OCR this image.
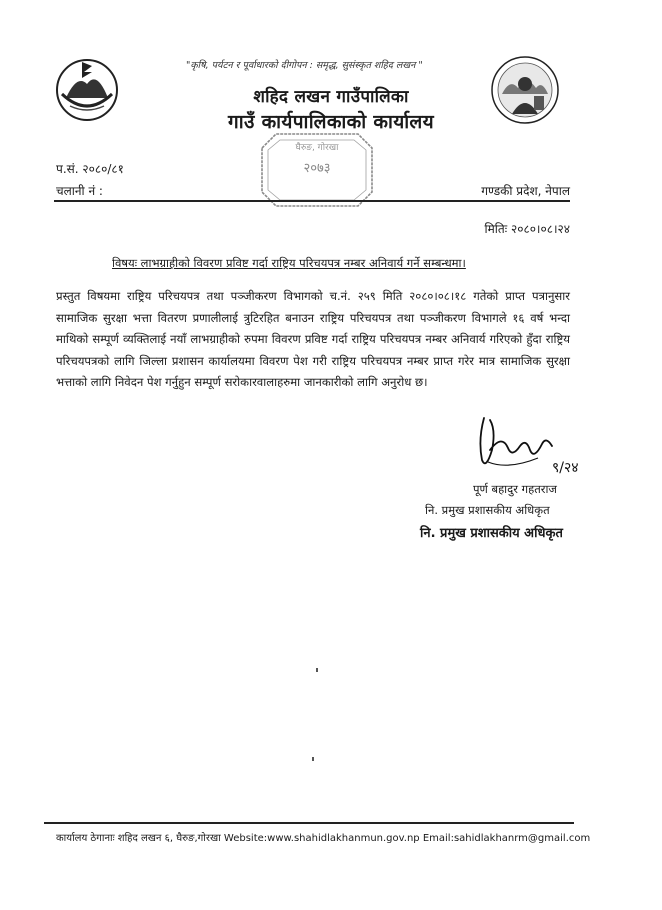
"कृषि, पर्यटन र पूर्वाधारको दीगोपन : समृद्ध, सुसंस्कृत शहिद लखन "
शहिद लखन गाउँपालिका
गाउँ कार्यपालिकाको कार्यालय
घैरुङ, गोरखा
२०७३
प.सं. २०८०/८१
चलानी नं :	गण्डकी प्रदेश, नेपाल
मितिः २०८०।०८।२४
विषयः लाभग्राहीको विवरण प्रविष्ट गर्दा राष्ट्रिय परिचयपत्र नम्बर अनिवार्य गर्ने सम्बन्धमा।
प्रस्तुत विषयमा राष्ट्रिय परिचयपत्र तथा पञ्जीकरण विभागको च.नं. २५९ मिति २०८०।०८।१८ गतेको प्राप्त पत्रानुसार सामाजिक सुरक्षा भत्ता वितरण प्रणालीलाई त्रुटिरहित बनाउन राष्ट्रिय परिचयपत्र तथा पञ्जीकरण विभागले १६ वर्ष भन्दा माथिको सम्पूर्ण व्यक्तिलाई नयाँ लाभग्राहीको रुपमा विवरण प्रविष्ट गर्दा राष्ट्रिय परिचयपत्र नम्बर अनिवार्य गरिएको हुँदा राष्ट्रिय परिचयपत्रको लागि जिल्ला प्रशासन कार्यालयमा विवरण पेश गरी राष्ट्रिय परिचयपत्र नम्बर प्राप्त गरेर मात्र सामाजिक सुरक्षा भत्ताको लागि निवेदन पेश गर्नुहुन सम्पूर्ण सरोकारवालाहरुमा जानकारीको लागि अनुरोध छ।
९/२४
पूर्ण बहादुर गहतराज
नि. प्रमुख प्रशासकीय अधिकृत
नि. प्रमुख प्रशासकीय अधिकृत
कार्यालय ठेगानाः शहिद लखन ६, घैरुङ,गोरखा Website:www.shahidlakhanmun.gov.np Email:sahidlakhanrm@gmail.com
